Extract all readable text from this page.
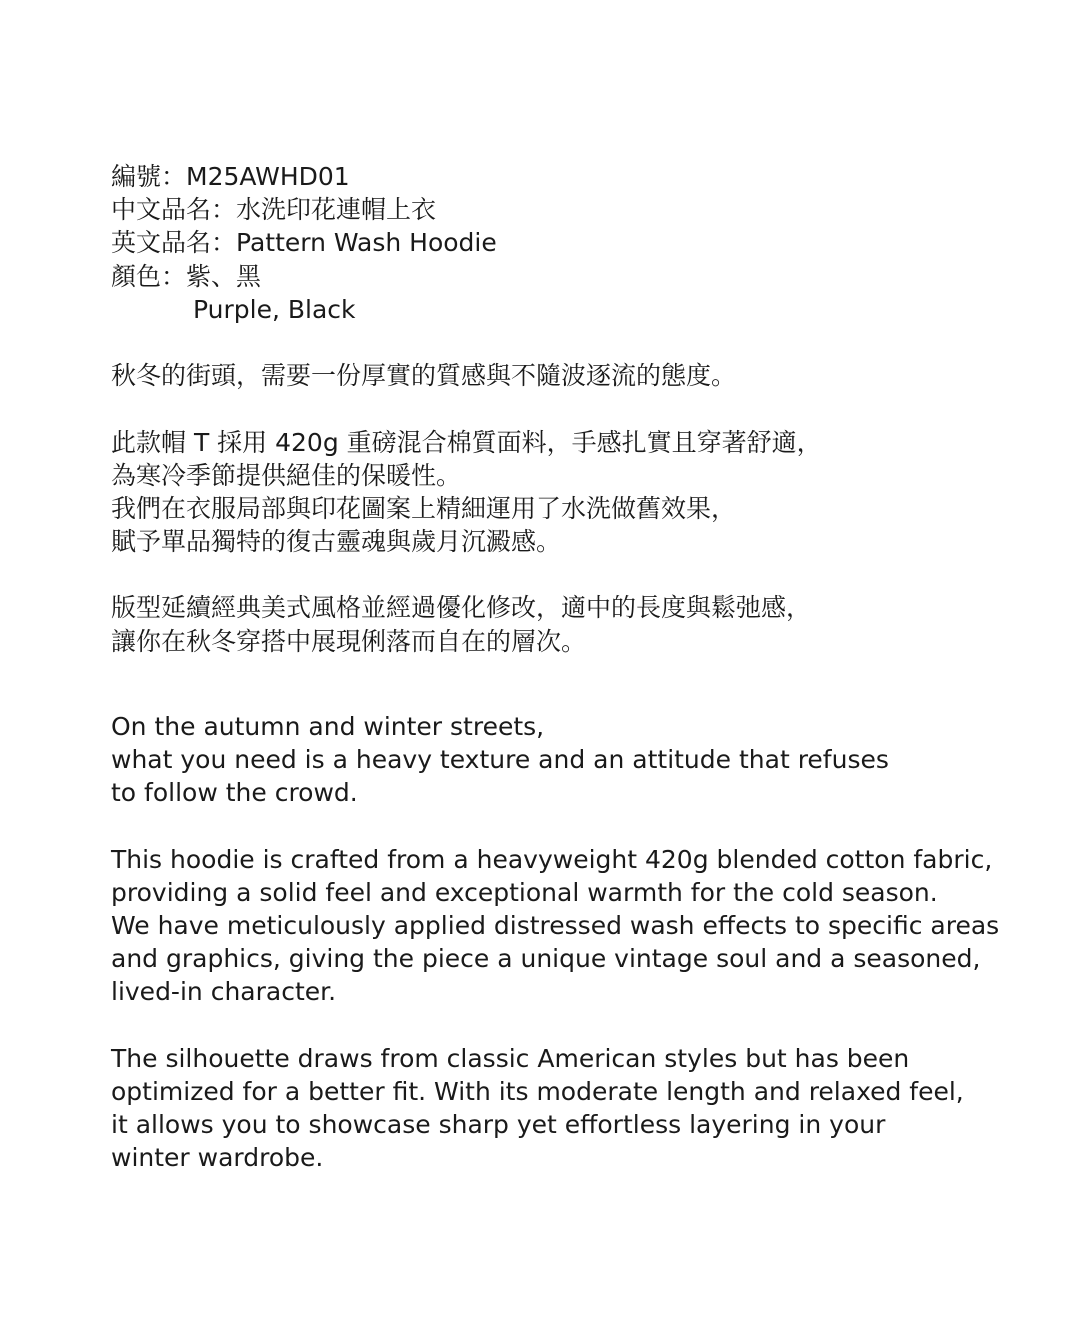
編號：M25AWHD01
中文品名：水洗印花連帽上衣
英文品名：Pattern Wash Hoodie
顏色：紫、黑
Purple, Black
秋冬的街頭，需要一份厚實的質感與不隨波逐流的態度。
此款帽 T 採用 420g 重磅混合棉質面料，手感扎實且穿著舒適，
為寒冷季節提供絕佳的保暖性。
我們在衣服局部與印花圖案上精細運用了水洗做舊效果，
賦予單品獨特的復古靈魂與歲月沉澱感。
版型延續經典美式風格並經過優化修改，適中的長度與鬆弛感，
讓你在秋冬穿搭中展現俐落而自在的層次。
On the autumn and winter streets,
what you need is a heavy texture and an attitude that refuses
to follow the crowd.
This hoodie is crafted from a heavyweight 420g blended cotton fabric,
providing a solid feel and exceptional warmth for the cold season.
We have meticulously applied distressed wash effects to specific areas
and graphics, giving the piece a unique vintage soul and a seasoned,
lived-in character.
The silhouette draws from classic American styles but has been
optimized for a better fit. With its moderate length and relaxed feel,
it allows you to showcase sharp yet effortless layering in your
winter wardrobe.
